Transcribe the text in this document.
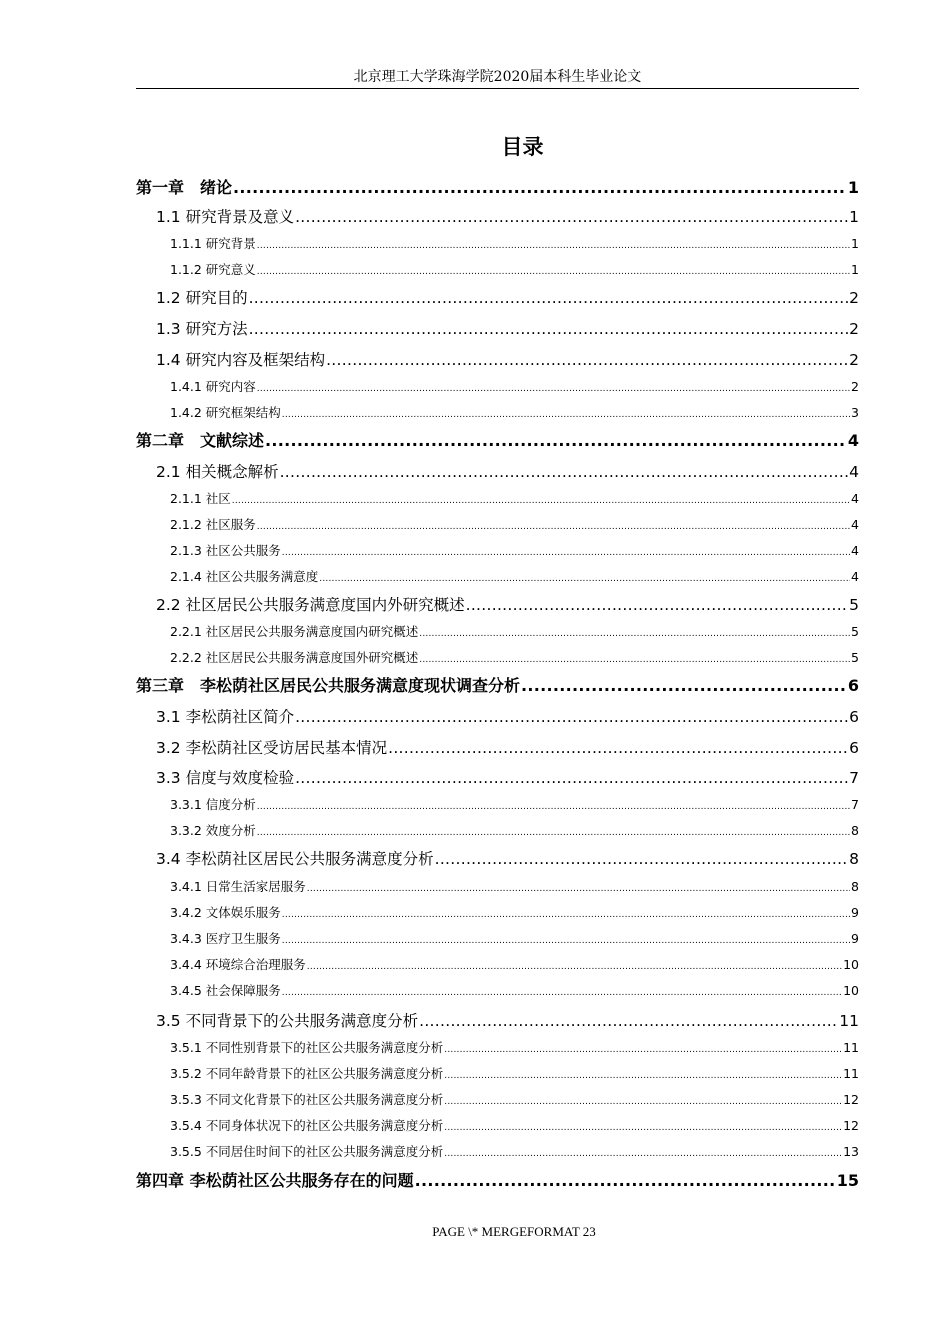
北京理工大学珠海学院2020届本科生毕业论文
目录
第一章　绪论 .....	1
1.1 研究背景及意义 .....	1
1.1.1 研究背景 .....	1
1.1.2 研究意义 .....	1
1.2 研究目的 .....	2
1.3 研究方法 .....	2
1.4 研究内容及框架结构 .....	2
1.4.1 研究内容 .....	2
1.4.2 研究框架结构 .....	3
第二章　文献综述 .....	4
2.1 相关概念解析 .....	4
2.1.1 社区 .....	4
2.1.2 社区服务 .....	4
2.1.3 社区公共服务 .....	4
2.1.4 社区公共服务满意度 .....	4
2.2 社区居民公共服务满意度国内外研究概述 .....	5
2.2.1 社区居民公共服务满意度国内研究概述 .....	5
2.2.2 社区居民公共服务满意度国外研究概述 .....	5
第三章　李松荫社区居民公共服务满意度现状调查分析 .....	6
3.1 李松荫社区简介 .....	6
3.2 李松荫社区受访居民基本情况 .....	6
3.3 信度与效度检验 .....	7
3.3.1 信度分析 .....	7
3.3.2 效度分析 .....	8
3.4 李松荫社区居民公共服务满意度分析 .....	8
3.4.1 日常生活家居服务 .....	8
3.4.2 文体娱乐服务 .....	9
3.4.3 医疗卫生服务 .....	9
3.4.4 环境综合治理服务 .....	10
3.4.5 社会保障服务 .....	10
3.5 不同背景下的公共服务满意度分析 .....	11
3.5.1 不同性别背景下的社区公共服务满意度分析 .....	11
3.5.2 不同年龄背景下的社区公共服务满意度分析 .....	11
3.5.3 不同文化背景下的社区公共服务满意度分析 .....	12
3.5.4 不同身体状况下的社区公共服务满意度分析 .....	12
3.5.5 不同居住时间下的社区公共服务满意度分析 .....	13
第四章 李松荫社区公共服务存在的问题 .....	15
PAGE \* MERGEFORMAT 23
